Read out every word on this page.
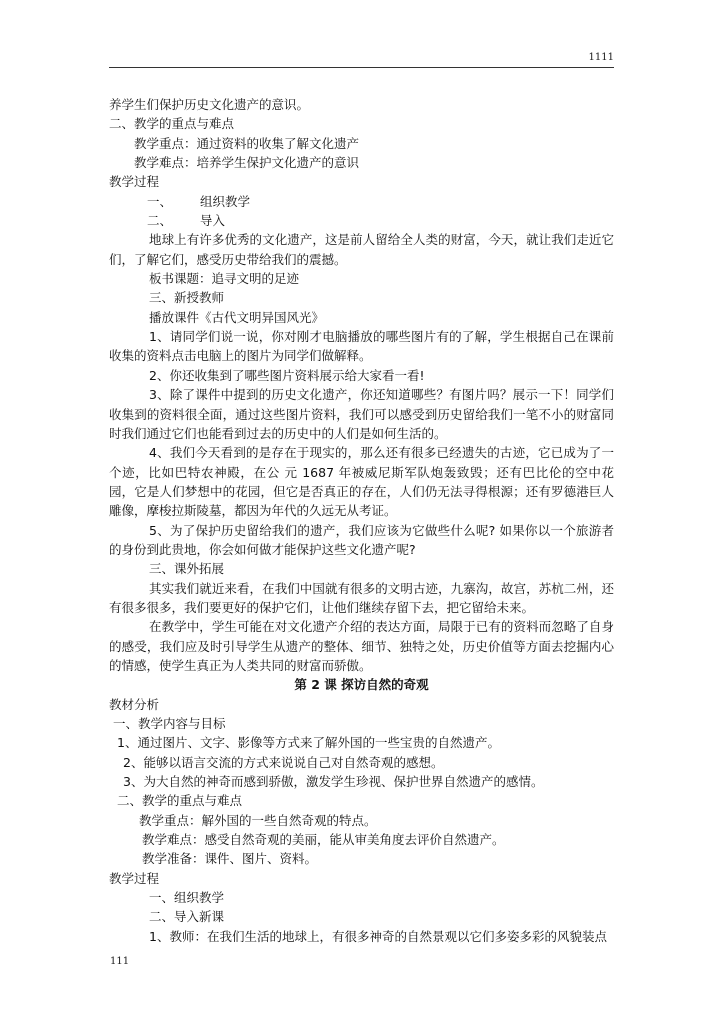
1111

养学生们保护历史文化遗产的意识。

二、教学的重点与难点

教学重点：通过资料的收集了解文化遗产

教学难点：培养学生保护文化遗产的意识

教学过程

一、 组织教学

二、 导入

地球上有许多优秀的文化遗产，这是前人留给全人类的财富，今天，就让我们走近它们，了解它们，感受历史带给我们的震撼。

板书课题：追寻文明的足迹

三、新授教师

播放课件《古代文明异国风光》

1、请同学们说一说，你对刚才电脑播放的哪些图片有的了解，学生根据自己在课前收集的资料点击电脑上的图片为同学们做解释。

2、你还收集到了哪些图片资料展示给大家看一看!

3、除了课件中提到的历史文化遗产，你还知道哪些？有图片吗？展示一下！同学们收集到的资料很全面，通过这些图片资料，我们可以感受到历史留给我们一笔不小的财富同时我们通过它们也能看到过去的历史中的人们是如何生活的。

4、我们今天看到的是存在于现实的，那么还有很多已经遗失的古迹，它已成为了一个迹，比如巴特农神殿，在公 元 1687 年被威尼斯军队炮轰致毁；还有巴比伦的空中花园，它是人们梦想中的花园，但它是否真正的存在，人们仍无法寻得根源；还有罗德港巨人雕像，摩梭拉斯陵墓，都因为年代的久远无从考证。

5、为了保护历史留给我们的遗产，我们应该为它做些什么呢? 如果你以一个旅游者的身份到此贵地，你会如何做才能保护这些文化遗产呢?

三、课外拓展

其实我们就近来看，在我们中国就有很多的文明古迹，九寨沟，故宫，苏杭二州，还有很多很多，我们要更好的保护它们，让他们继续存留下去，把它留给未来。

在教学中，学生可能在对文化遗产介绍的表达方面，局限于已有的资料而忽略了自身的感受，我们应及时引导学生从遗产的整体、细节、独特之处，历史价值等方面去挖掘内心的情感，使学生真正为人类共同的财富而骄傲。

第 2 课 探访自然的奇观

教材分析

一、教学内容与目标

1、通过图片、文字、影像等方式来了解外国的一些宝贵的自然遗产。

2、能够以语言交流的方式来说说自己对自然奇观的感想。

3、为大自然的神奇而感到骄傲，激发学生珍视、保护世界自然遗产的感情。

二、教学的重点与难点

教学重点：解外国的一些自然奇观的特点。

教学难点：感受自然奇观的美丽，能从审美角度去评价自然遗产。

教学准备：课件、图片、资料。

教学过程

一、组织教学

二、导入新课

1、教师：在我们生活的地球上，有很多神奇的自然景观以它们多姿多彩的风貌装点

111
